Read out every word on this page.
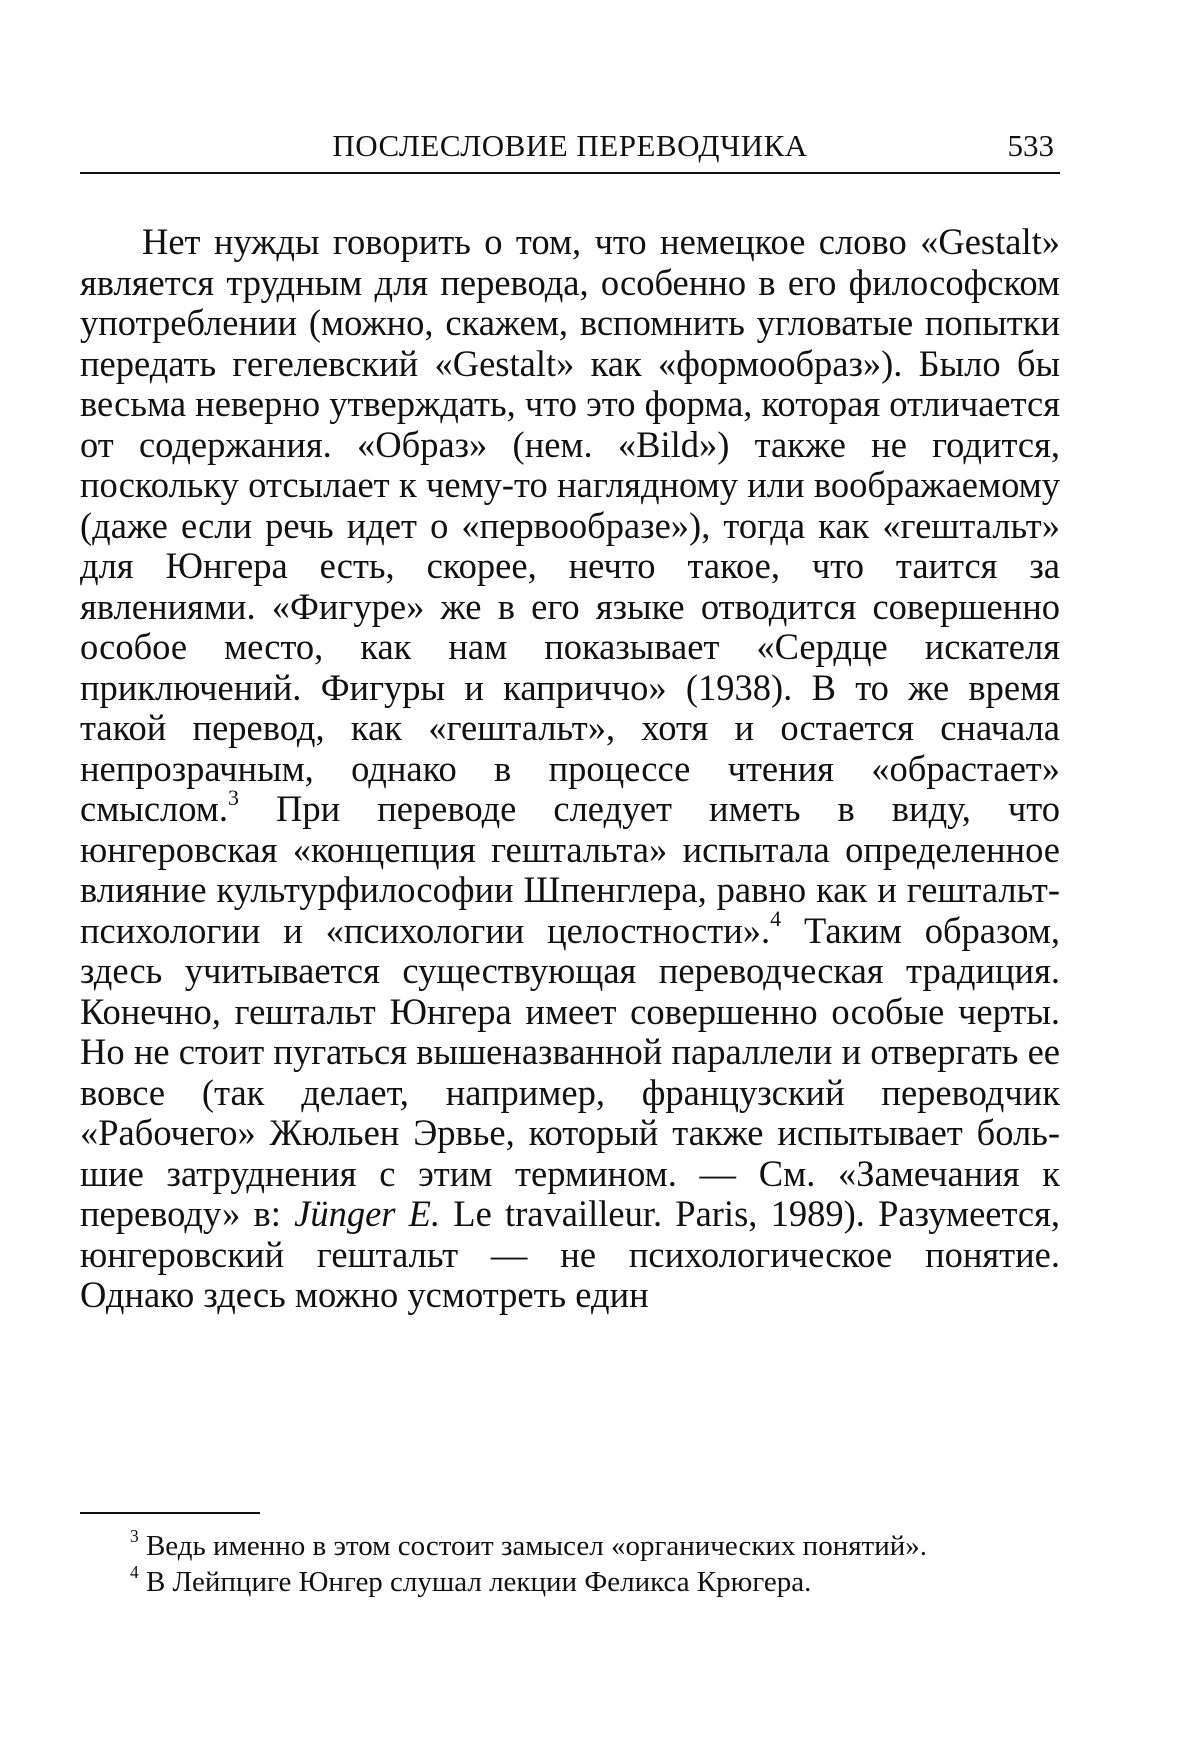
ПОСЛЕСЛОВИЕ ПЕРЕВОДЧИКА	533

Нет нужды говорить о том, что немецкое слово «Gestalt» является трудным для перевода, особенно в его философском употреблении (можно, скажем, вспомнить угловатые попытки передать гегелевский «Gestalt» как «формообраз»). Было бы весьма неверно утверждать, что это форма, которая отличается от содержания. «Образ» (нем. «Bild») также не годится, поскольку отсылает к чему-то наглядному или воображаемому (даже если речь идет о «первообразе»), тогда как «гештальт» для Юнгера есть, скорее, нечто такое, что таится за явлениями. «Фигуре» же в его языке отводится совершенно особое место, как нам показывает «Сердце искателя приключений. Фигуры и каприччо» (1938). В то же время такой перевод, как «гештальт», хотя и остается сначала непрозрачным, однако в процессе чтения «обрастает» смыслом.$^3$ При переводе следует иметь в виду, что юнгеровская «концепция гештальта» испытала определенное влияние культурфилософии Шпенглера, равно как и гештальтпсихологии и «психологии целостности».$^4$ Таким образом, здесь учитывается существующая переводческая традиция. Конечно, гештальт Юнгера имеет совершенно особые черты. Но не стоит пугаться вышеназванной параллели и отвергать ее вовсе (так делает, например, французский переводчик «Рабочего» Жюльен Эрвье, который также испытывает большие затруднения с этим термином. — См. «Замечания к переводу» в: Jünger E. Le travailleur. Paris, 1989). Разумеется, юнгеровский гештальт — не психологическое понятие. Однако здесь можно усмотреть един

$^3$ Ведь именно в этом состоит замысел «органических понятий».

$^4$ В Лейпциге Юнгер слушал лекции Феликса Крюгера.
